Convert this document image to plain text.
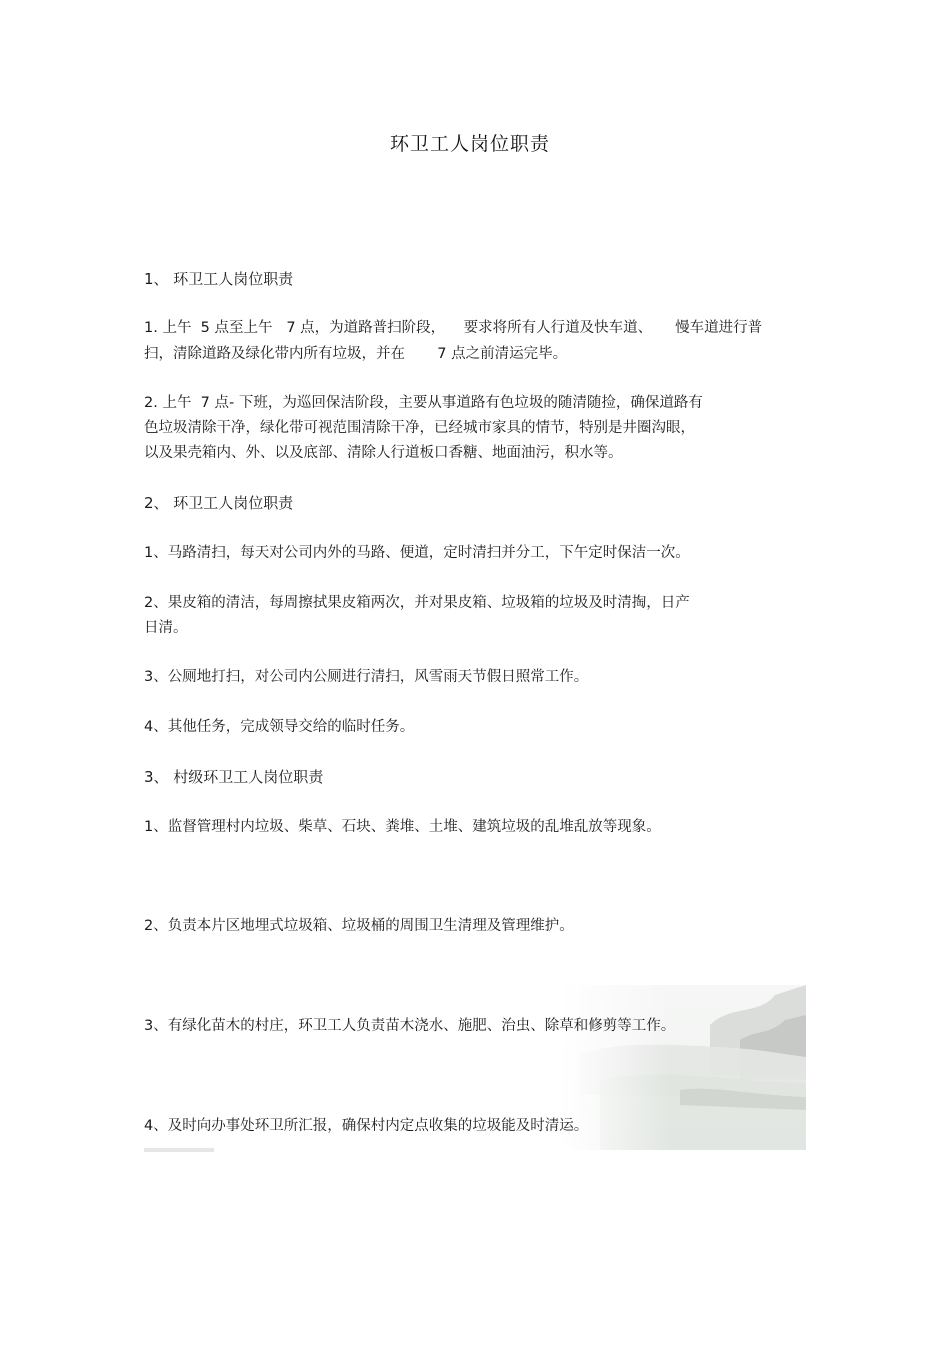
环卫工人岗位职责
1、 环卫工人岗位职责
1. 上午  5 点至上午   7 点，为道路普扫阶段，    要求将所有人行道及快车道、     慢车道进行普
扫，清除道路及绿化带内所有垃圾，并在       7 点之前清运完毕。
2. 上午  7 点- 下班，为巡回保洁阶段，主要从事道路有色垃圾的随清随捡，确保道路有
色垃圾清除干净，绿化带可视范围清除干净，已经城市家具的情节，特别是井圈沟眼，
以及果壳箱内、外、以及底部、清除人行道板口香糖、地面油污，积水等。
2、 环卫工人岗位职责
1、马路清扫，每天对公司内外的马路、便道，定时清扫并分工，下午定时保洁一次。
2、果皮箱的清洁，每周擦拭果皮箱两次，并对果皮箱、垃圾箱的垃圾及时清掏，日产
日清。
3、公厕地打扫，对公司内公厕进行清扫，风雪雨天节假日照常工作。
4、其他任务，完成领导交给的临时任务。
3、 村级环卫工人岗位职责
1、监督管理村内垃圾、柴草、石块、粪堆、土堆、建筑垃圾的乱堆乱放等现象。
2、负责本片区地埋式垃圾箱、垃圾桶的周围卫生清理及管理维护。
3、有绿化苗木的村庄，环卫工人负责苗木浇水、施肥、治虫、除草和修剪等工作。
4、及时向办事处环卫所汇报，确保村内定点收集的垃圾能及时清运。
